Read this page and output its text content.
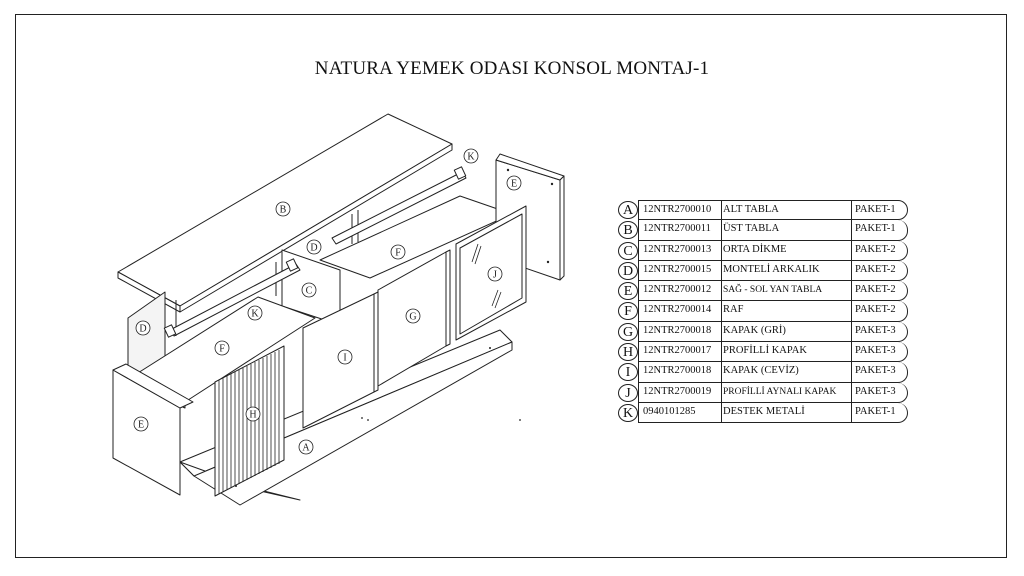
NATURA YEMEK ODASI KONSOL MONTAJ-1
A
B
C
D
D
E
E
F
F
G
H
I
J
K
K
A 12NTR2700010 ALT TABLA	PAKET-1
B 12NTR2700011 ÜST TABLA	PAKET-1
C 12NTR2700013 ORTA DİKME	PAKET-2
D 12NTR2700015 MONTELİ ARKALIK	PAKET-2
E	12NTR2700012 SAĞ - SOL YAN TABLA	PAKET-2
F	12NTR2700014 RAF	PAKET-2
G 12NTR2700018 KAPAK (GRİ)	PAKET-3
H 12NTR2700017 PROFİLLİ KAPAK	PAKET-3
I	12NTR2700018 KAPAK (CEVİZ)	PAKET-3
J	12NTR2700019 PROFİLLİ AYNALI KAPAK PAKET-3
K 0940101285	DESTEK METALİ	PAKET-1
